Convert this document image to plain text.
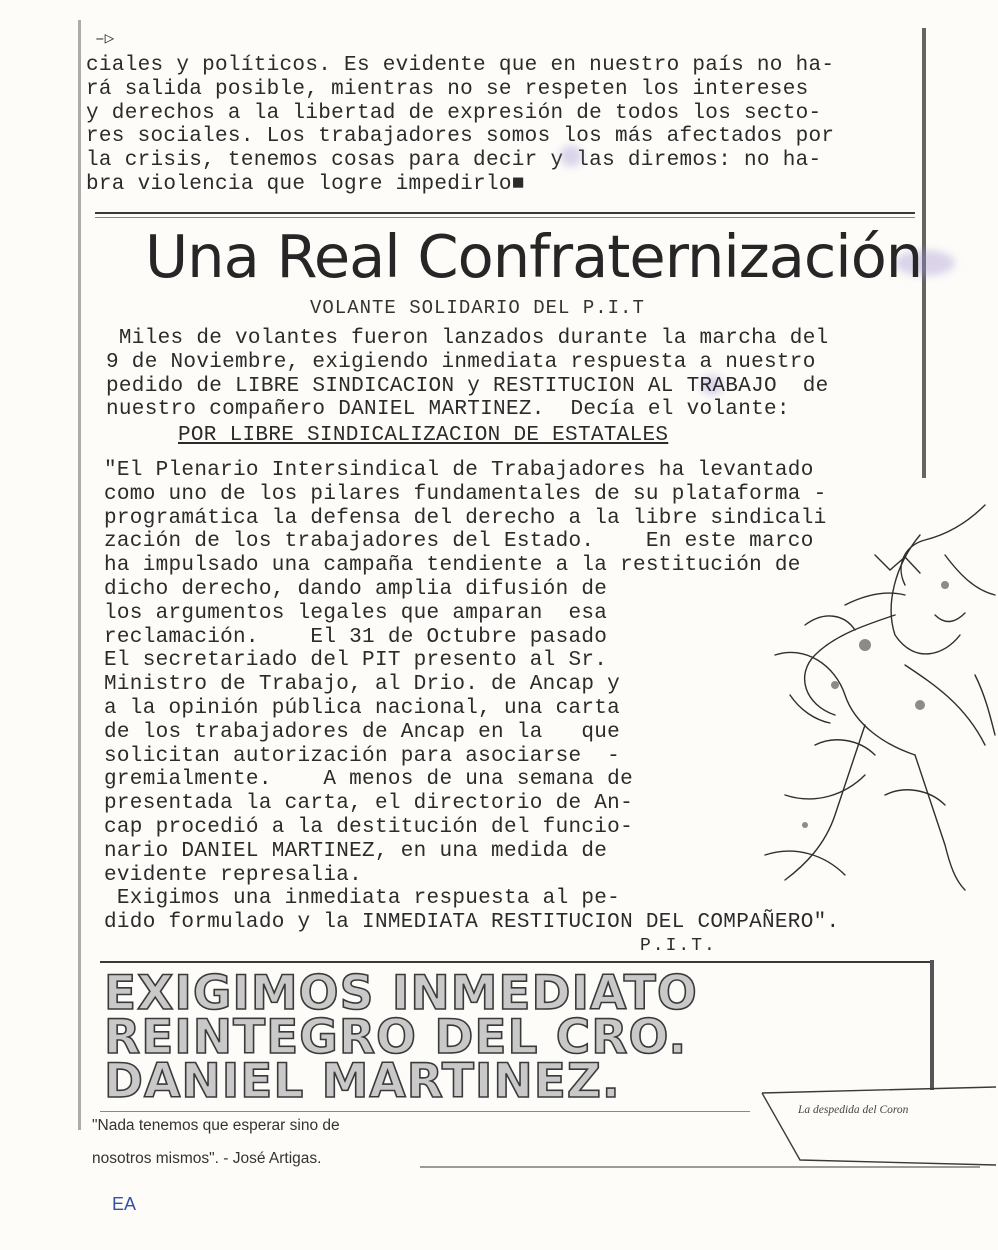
–▷
ciales y políticos. Es evidente que en nuestro país no ha-
rá salida posible, mientras no se respeten los intereses
y derechos a la libertad de expresión de todos los secto-
res sociales. Los trabajadores somos los más afectados por
la crisis, tenemos cosas para decir y las diremos: no ha-
bra violencia que logre impedirlo■
Una Real Confraternización
VOLANTE SOLIDARIO DEL P.I.T
Miles de volantes fueron lanzados durante la marcha del
9 de Noviembre, exigiendo inmediata respuesta a nuestro
pedido de LIBRE SINDICACION y RESTITUCION AL TRABAJO  de
nuestro compañero DANIEL MARTINEZ.  Decía el volante:
POR LIBRE SINDICALIZACION DE ESTATALES
"El Plenario Intersindical de Trabajadores ha levantado
como uno de los pilares fundamentales de su plataforma -
programática la defensa del derecho a la libre sindicali
zación de los trabajadores del Estado.    En este marco
ha impulsado una campaña tendiente a la restitución de
dicho derecho, dando amplia difusión de
los argumentos legales que amparan  esa
reclamación.    El 31 de Octubre pasado
El secretariado del PIT presento al Sr.
Ministro de Trabajo, al Drio. de Ancap y
a la opinión pública nacional, una carta
de los trabajadores de Ancap en la   que
solicitan autorización para asociarse  -
gremialmente.    A menos de una semana de
presentada la carta, el directorio de An-
cap procedió a la destitución del funcio-
nario DANIEL MARTINEZ, en una medida de
evidente represalia.
Exigimos una inmediata respuesta al pe-
dido formulado y la INMEDIATA RESTITUCION DEL COMPAÑERO".
P.I.T.
EXIGIMOS INMEDIATO
REINTEGRO DEL CRO.
DANIEL MARTINEZ.
"Nada tenemos que esperar sino de
nosotros mismos". - José Artigas.
La despedida del Coron
EA
